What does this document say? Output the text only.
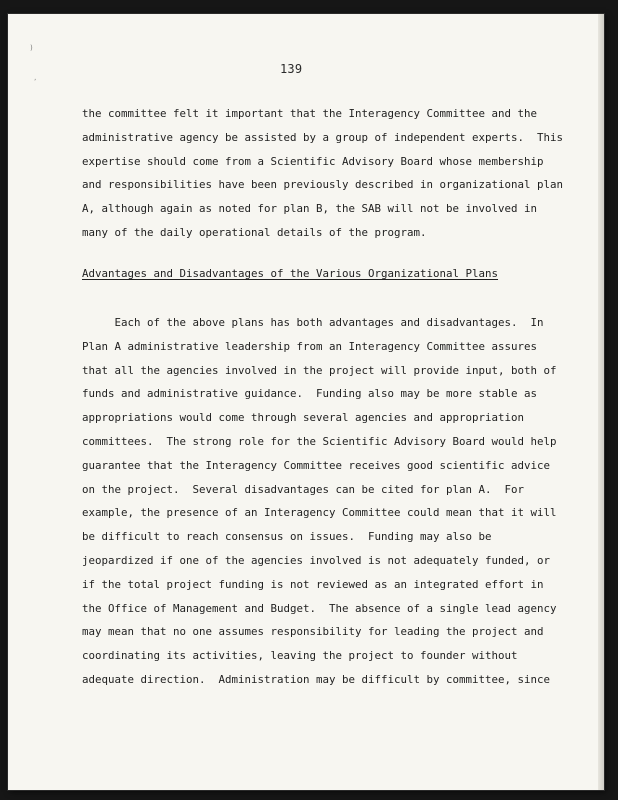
)
ʼ
139
the committee felt it important that the Interagency Committee and the
administrative agency be assisted by a group of independent experts.  This
expertise should come from a Scientific Advisory Board whose membership
and responsibilities have been previously described in organizational plan
A, although again as noted for plan B, the SAB will not be involved in
many of the daily operational details of the program.
Advantages and Disadvantages of the Various Organizational Plans
Each of the above plans has both advantages and disadvantages.  In
Plan A administrative leadership from an Interagency Committee assures
that all the agencies involved in the project will provide input, both of
funds and administrative guidance.  Funding also may be more stable as
appropriations would come through several agencies and appropriation
committees.  The strong role for the Scientific Advisory Board would help
guarantee that the Interagency Committee receives good scientific advice
on the project.  Several disadvantages can be cited for plan A.  For
example, the presence of an Interagency Committee could mean that it will
be difficult to reach consensus on issues.  Funding may also be
jeopardized if one of the agencies involved is not adequately funded, or
if the total project funding is not reviewed as an integrated effort in
the Office of Management and Budget.  The absence of a single lead agency
may mean that no one assumes responsibility for leading the project and
coordinating its activities, leaving the project to founder without
adequate direction.  Administration may be difficult by committee, since
